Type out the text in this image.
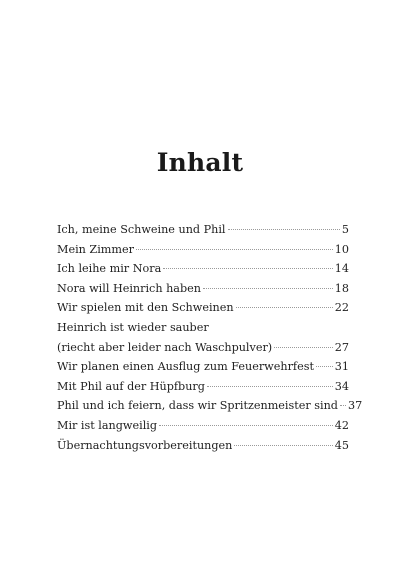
Inhalt
Ich, meine Schweine und Phil	5
Mein Zimmer	10
Ich leihe mir Nora	14
Nora will Heinrich haben	18
Wir spielen mit den Schweinen	22
Heinrich ist wieder sauber
(riecht aber leider nach Waschpulver)	27
Wir planen einen Ausflug zum Feuerwehrfest 31
Mit Phil auf der Hüpfburg	34
Phil und ich feiern, dass wir Spritzenmeister sind 37
Mir ist langweilig	42
Übernachtungsvorbereitungen	45
